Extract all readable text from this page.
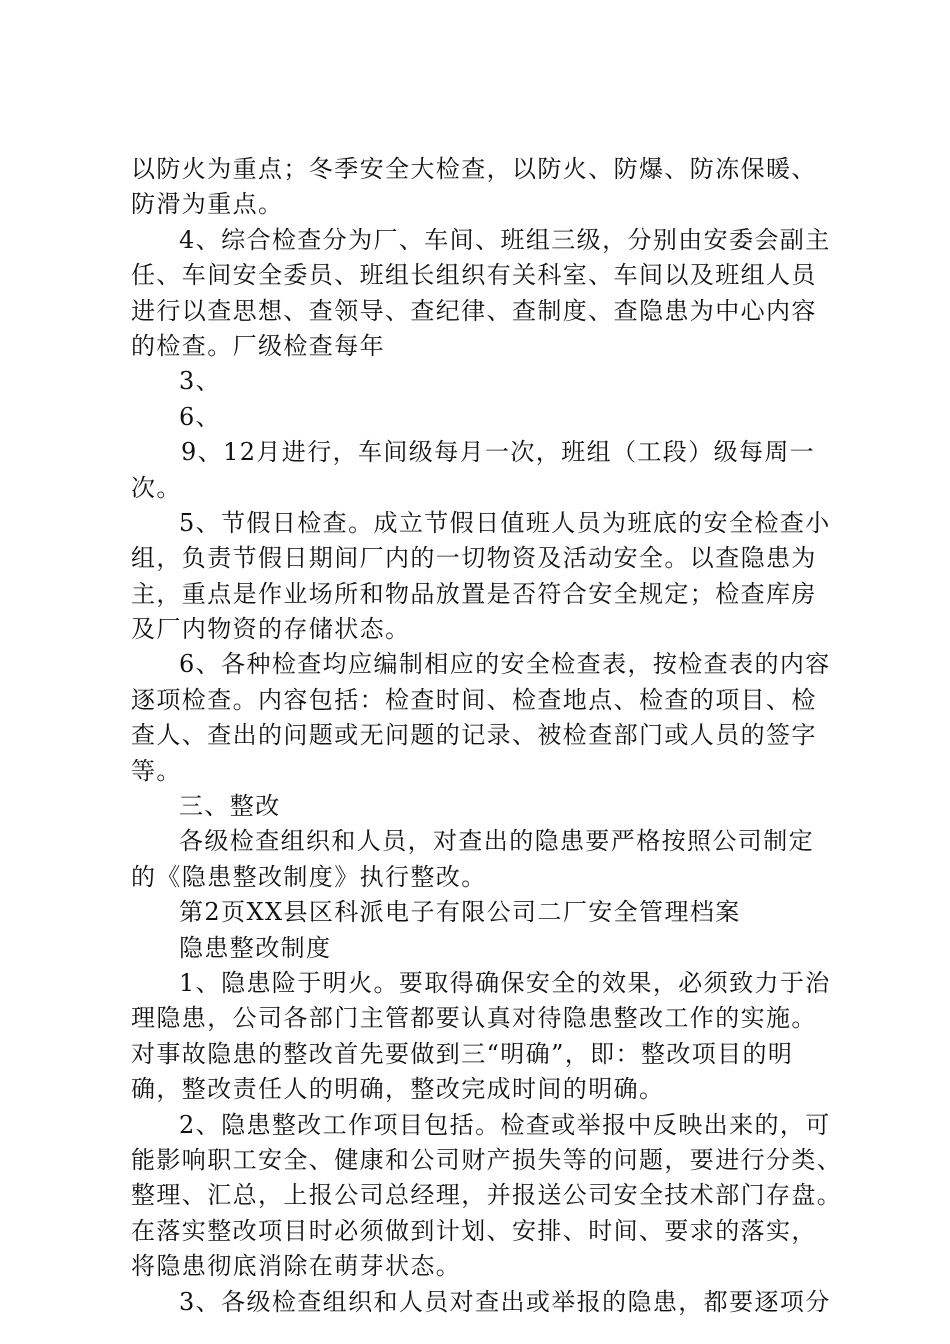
以防火为重点；冬季安全大检查，以防火、防爆、防冻保暖、
防滑为重点。
4、综合检查分为厂、车间、班组三级，分别由安委会副主
任、车间安全委员、班组长组织有关科室、车间以及班组人员
进行以查思想、查领导、查纪律、查制度、查隐患为中心内容
的检查。厂级检查每年
3、
6、
9、12月进行，车间级每月一次，班组（工段）级每周一
次。
5、节假日检查。成立节假日值班人员为班底的安全检查小
组，负责节假日期间厂内的一切物资及活动安全。以查隐患为
主，重点是作业场所和物品放置是否符合安全规定；检查库房
及厂内物资的存储状态。
6、各种检查均应编制相应的安全检查表，按检查表的内容
逐项检查。内容包括：检查时间、检查地点、检查的项目、检
查人、查出的问题或无问题的记录、被检查部门或人员的签字
等。
三、整改
各级检查组织和人员，对查出的隐患要严格按照公司制定
的《隐患整改制度》执行整改。
第2页XX县区科派电子有限公司二厂安全管理档案
隐患整改制度
1、隐患险于明火。要取得确保安全的效果，必须致力于治
理隐患，公司各部门主管都要认真对待隐患整改工作的实施。
对事故隐患的整改首先要做到三“明确”，即：整改项目的明
确，整改责任人的明确，整改完成时间的明确。
2、隐患整改工作项目包括。检查或举报中反映出来的，可
能影响职工安全、健康和公司财产损失等的问题，要进行分类、
整理、汇总，上报公司总经理，并报送公司安全技术部门存盘。
在落实整改项目时必须做到计划、安排、时间、要求的落实，
将隐患彻底消除在萌芽状态。
3、各级检查组织和人员对查出或举报的隐患，都要逐项分
